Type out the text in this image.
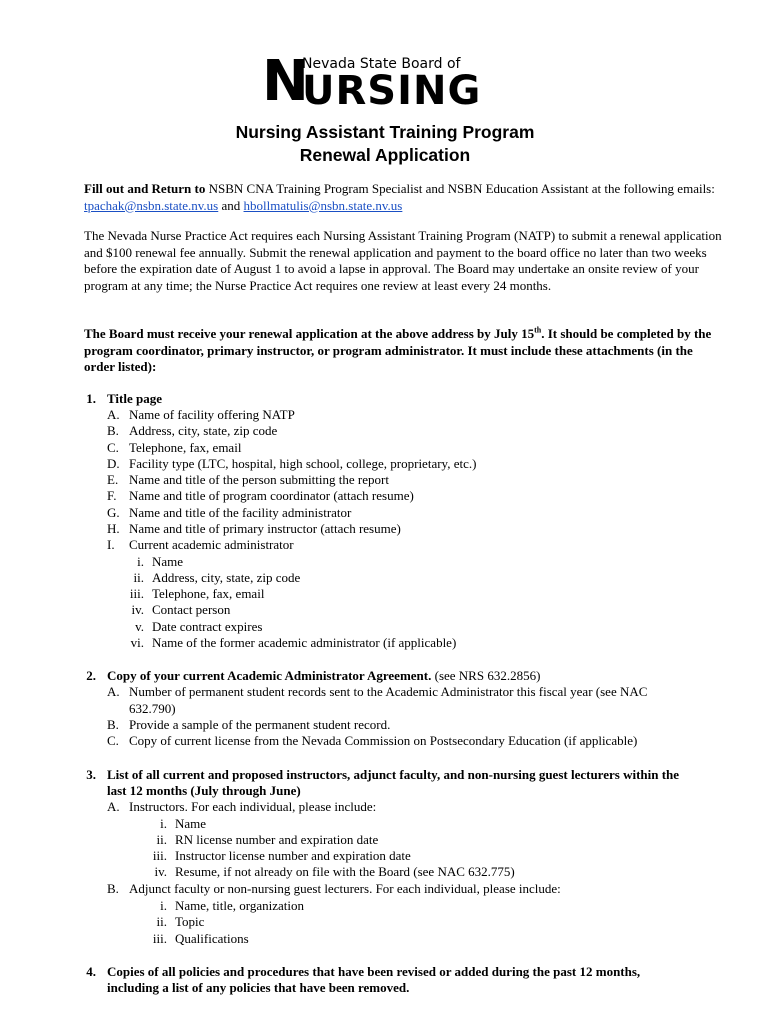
N
Nevada State Board of
URSING
Nursing Assistant Training Program
Renewal Application
Fill out and Return to NSBN CNA Training Program Specialist and NSBN Education Assistant at the following emails: tpachak@nsbn.state.nv.us and hbollmatulis@nsbn.state.nv.us
The Nevada Nurse Practice Act requires each Nursing Assistant Training Program (NATP) to submit a renewal application and $100 renewal fee annually. Submit the renewal application and payment to the board office no later than two weeks before the expiration date of August 1 to avoid a lapse in approval. The Board may undertake an onsite review of your program at any time; the Nurse Practice Act requires one review at least every 24 months.
The Board must receive your renewal application at the above address by July 15th. It should be completed by the program coordinator, primary instructor, or program administrator. It must include these attachments (in the order listed):
1. Title page
A. Name of facility offering NATP
B. Address, city, state, zip code
C. Telephone, fax, email
D. Facility type (LTC, hospital, high school, college, proprietary, etc.)
E. Name and title of the person submitting the report
F. Name and title of program coordinator (attach resume)
G. Name and title of the facility administrator
H. Name and title of primary instructor (attach resume)
I. Current academic administrator
i. Name
ii. Address, city, state, zip code
iii. Telephone, fax, email
iv. Contact person
v. Date contract expires
vi. Name of the former academic administrator (if applicable)
2. Copy of your current Academic Administrator Agreement. (see NRS 632.2856)
A. Number of permanent student records sent to the Academic Administrator this fiscal year (see NAC
632.790)
B. Provide a sample of the permanent student record.
C. Copy of current license from the Nevada Commission on Postsecondary Education (if applicable)
3. List of all current and proposed instructors, adjunct faculty, and non-nursing guest lecturers within the
last 12 months (July through June)
A. Instructors. For each individual, please include:
i. Name
ii. RN license number and expiration date
iii. Instructor license number and expiration date
iv. Resume, if not already on file with the Board (see NAC 632.775)
B. Adjunct faculty or non-nursing guest lecturers. For each individual, please include:
i. Name, title, organization
ii. Topic
iii. Qualifications
4. Copies of all policies and procedures that have been revised or added during the past 12 months,
including a list of any policies that have been removed.
